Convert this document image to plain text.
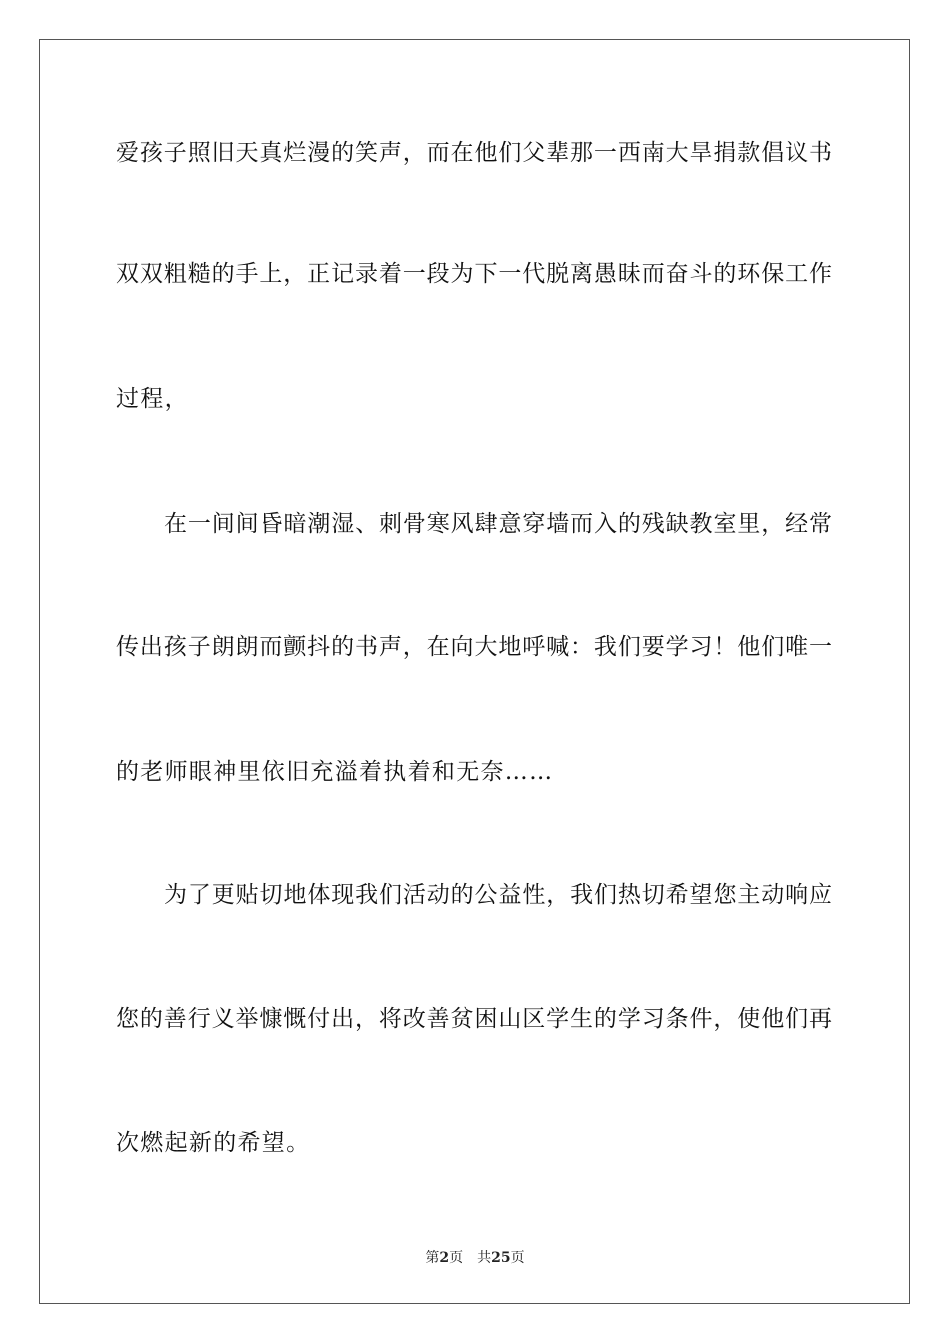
爱孩子照旧天真烂漫的笑声，而在他们父辈那一西南大旱捐款倡议书
双双粗糙的手上，正记录着一段为下一代脱离愚昧而奋斗的环保工作
过程，
在一间间昏暗潮湿、刺骨寒风肆意穿墙而入的残缺教室里，经常
传出孩子朗朗而颤抖的书声，在向大地呼喊：我们要学习！他们唯一
的老师眼神里依旧充溢着执着和无奈……
为了更贴切地体现我们活动的公益性，我们热切希望您主动响应
您的善行义举慷慨付出，将改善贫困山区学生的学习条件，使他们再
次燃起新的希望。
第2页 共25页
